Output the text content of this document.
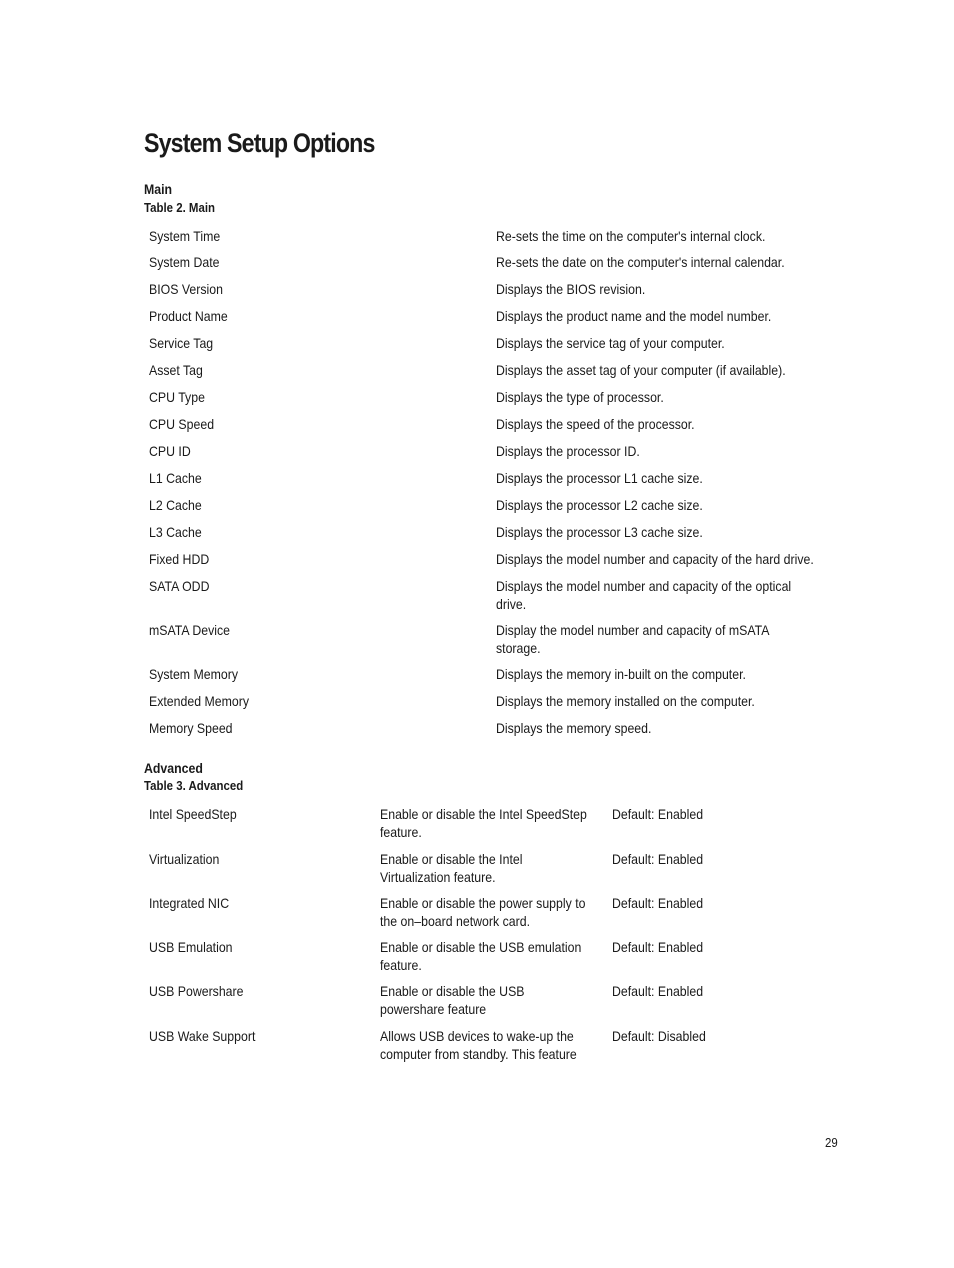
System Setup Options
Main
Table 2. Main
System Time	Re-sets the time on the computer's internal clock.
System Date	Re-sets the date on the computer's internal calendar.
BIOS Version	Displays the BIOS revision.
Product Name	Displays the product name and the model number.
Service Tag	Displays the service tag of your computer.
Asset Tag	Displays the asset tag of your computer (if available).
CPU Type	Displays the type of processor.
CPU Speed	Displays the speed of the processor.
CPU ID	Displays the processor ID.
L1 Cache	Displays the processor L1 cache size.
L2 Cache	Displays the processor L2 cache size.
L3 Cache	Displays the processor L3 cache size.
Fixed HDD	Displays the model number and capacity of the hard drive.
SATA ODD	Displays the model number and capacity of the optical
drive.
mSATA Device	Display the model number and capacity of mSATA
storage.
System Memory	Displays the memory in-built on the computer.
Extended Memory	Displays the memory installed on the computer.
Memory Speed	Displays the memory speed.
Advanced
Table 3. Advanced
Intel SpeedStep	Enable or disable the Intel SpeedStep
feature.
Default: Enabled
Virtualization	Enable or disable the Intel
Virtualization feature.
Default: Enabled
Integrated NIC	Enable or disable the power supply to
the on–board network card.
Default: Enabled
USB Emulation	Enable or disable the USB emulation
feature.
Default: Enabled
USB Powershare	Enable or disable the USB
powershare feature
Default: Enabled
USB Wake Support	Allows USB devices to wake-up the
computer from standby. This feature
Default: Disabled
29
